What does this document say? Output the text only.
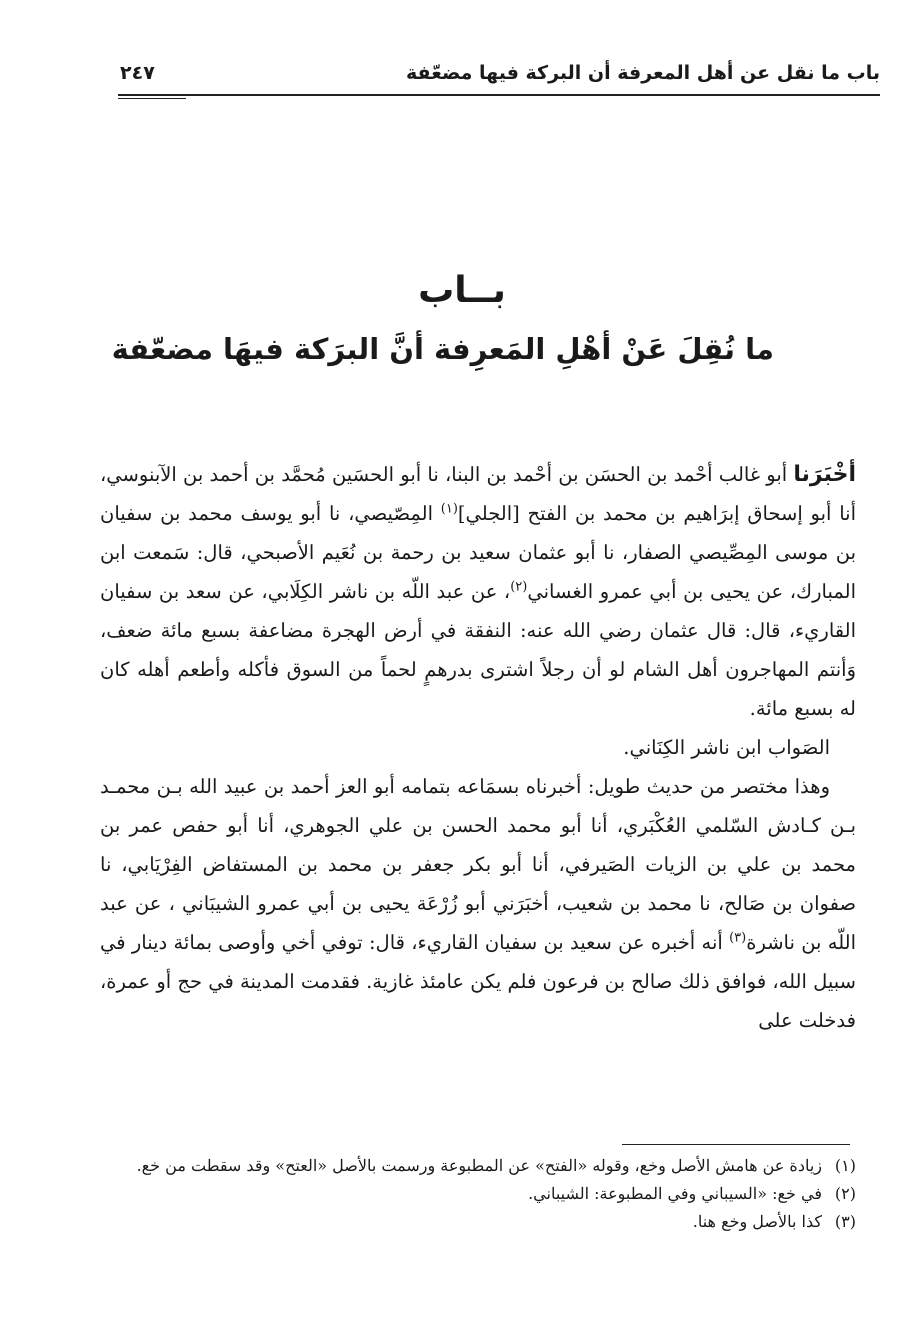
باب ما نقل عن أهل المعرفة أن البركة فيها مضعّفة
٢٤٧
بــاب
ما نُقِلَ عَنْ أهْلِ المَعرِفة أنَّ البرَكة فيهَا مضعّفة

أخْبَرَنا أبو غالب أحْمد بن الحسَن بن أحْمد بن البنا، نا أبو الحسَين مُحمَّد بن أحمد بن الآبنوسي، أنا أبو إسحاق إبرَاهيم بن محمد بن الفتح [الجلي]$^{(١)}$ المِصّيصي، نا أبو يوسف محمد بن سفيان بن موسى المِصِّيصي الصفار، نا أبو عثمان سعيد بن رحمة بن نُعَيم الأصبحي، قال: سَمعت ابن المبارك، عن يحيى بن أبي عمرو الغساني$^{(٢)}$، عن عبد اللّه بن ناشر الكِلَابي، عن سعد بن سفيان القاريء، قال: قال عثمان رضي الله عنه: النفقة في أرض الهجرة مضاعفة بسبع مائة ضعف، وَأنتم المهاجرون أهل الشام لو أن رجلاً اشترى بدرهمٍ لحماً من السوق فأكله وأطعم أهله كان له بسبع مائة.

الصَواب ابن ناشر الكِنَاني.

وهذا مختصر من حديث طويل: أخبرناه بسمَاعه بتمامه أبو العز أحمد بن عبيد الله بـن محمـد بـن كـادش السّلمي العُكْبَري، أنا أبو محمد الحسن بن علي الجوهري، أنا أبو حفص عمر بن محمد بن علي بن الزيات الصَيرفي، أنا أبو بكر جعفر بن محمد بن المستفاض الفِرْيَابي، نا صفوان بن صَالح، نا محمد بن شعيب، أخبَرَني أبو زُرْعَة يحيى بن أبي عمرو الشيبَاني ، عن عبد اللّه بن ناشرة$^{(٣)}$ أنه أخبره عن سعيد بن سفيان القاريء، قال: توفي أخي وأوصى بمائة دينار في سبيل الله، فوافق ذلك صالح بن فرعون فلم يكن عامئذ غازية. فقدمت المدينة في حج أو عمرة، فدخلت على

(١)
زيادة عن هامش الأصل وخع، وقوله «الفتح» عن المطبوعة ورسمت بالأصل «العتح» وقد سقطت من خع.
(٢)
في خع: «السيباني وفي المطبوعة: الشيباني.
(٣)
كذا بالأصل وخع هنا.
